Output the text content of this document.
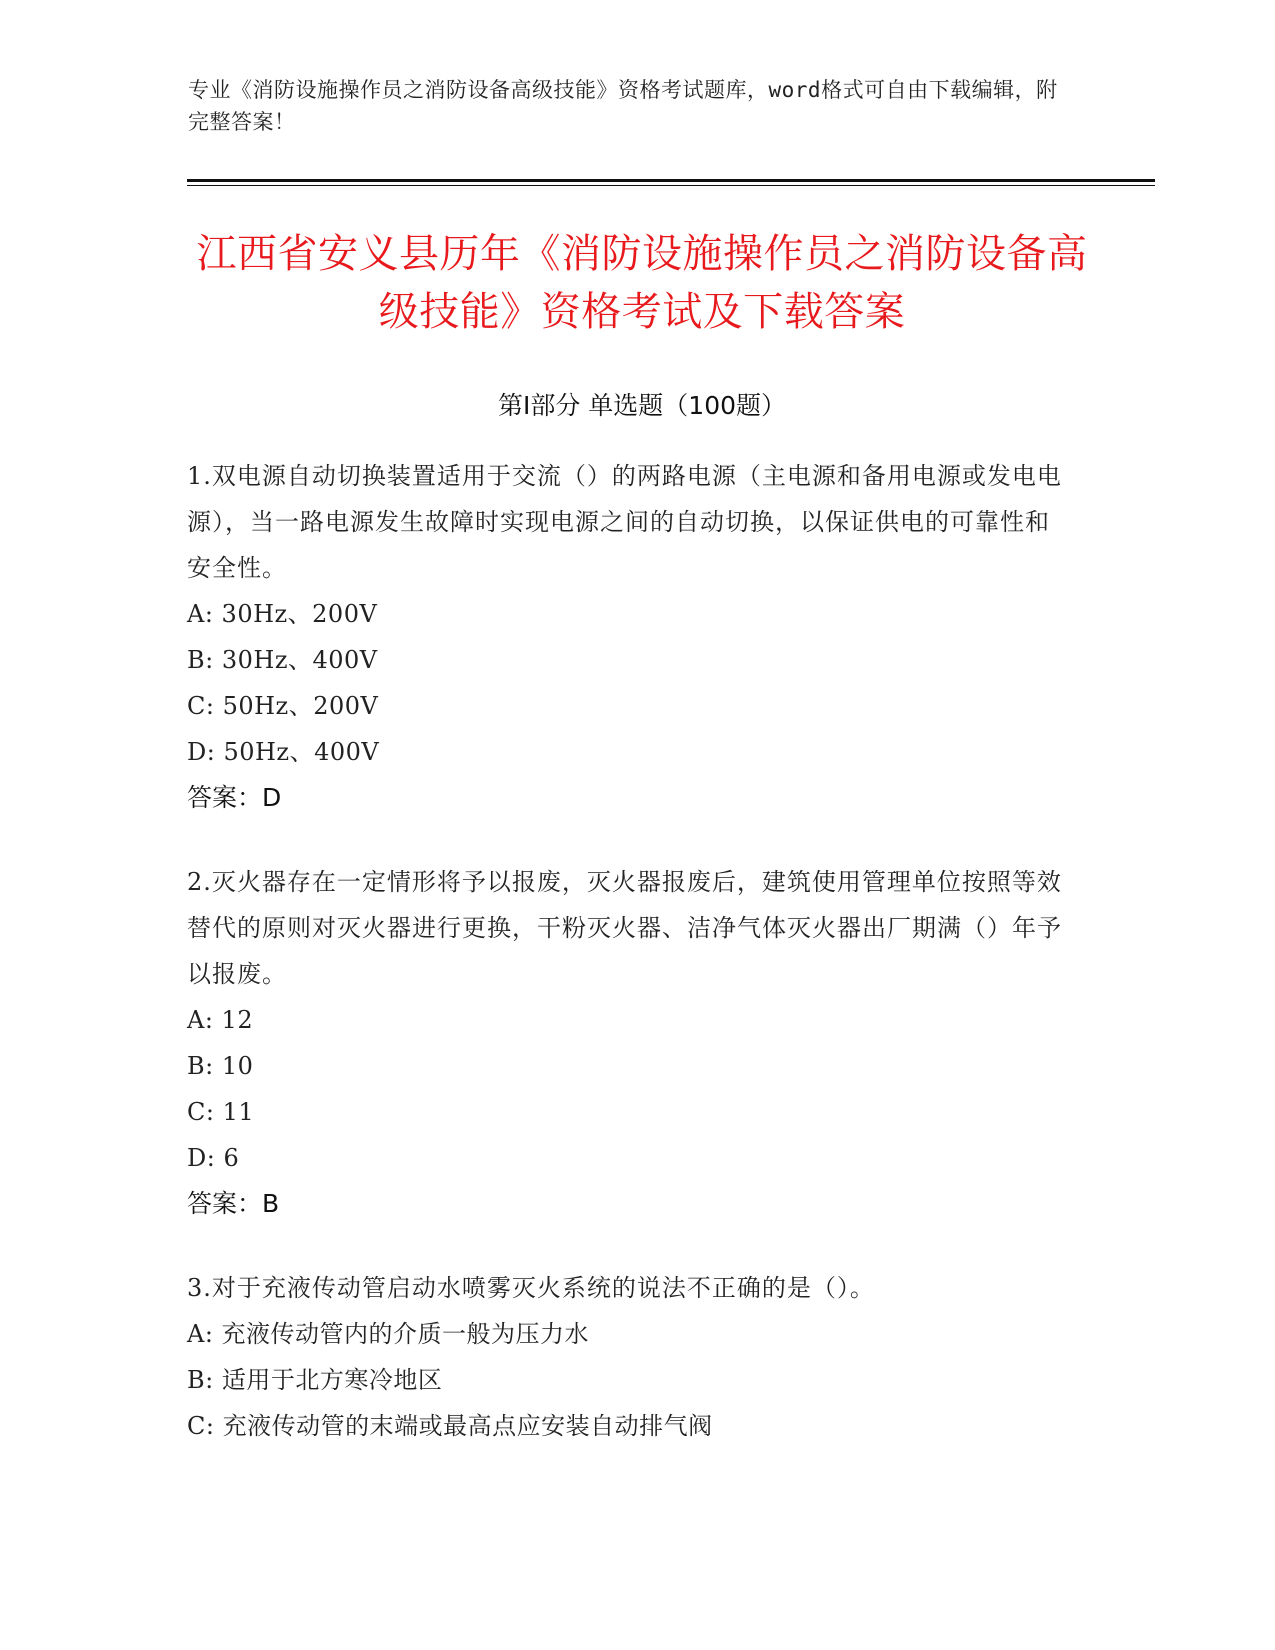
专业《消防设施操作员之消防设备高级技能》资格考试题库，word格式可自由下载编辑，附完整答案！
江西省安义县历年《消防设施操作员之消防设备高级技能》资格考试及下载答案
第Ⅰ部分 单选题（100题）

1.双电源自动切换装置适用于交流（）的两路电源（主电源和备用电源或发电电源），当一路电源发生故障时实现电源之间的自动切换，以保证供电的可靠性和安全性。

A: 30Hz、200V

B: 30Hz、400V

C: 50Hz、200V

D: 50Hz、400V

答案：D

2.灭火器存在一定情形将予以报废，灭火器报废后，建筑使用管理单位按照等效替代的原则对灭火器进行更换，干粉灭火器、洁净气体灭火器出厂期满（）年予以报废。

A: 12

B: 10

C: 11

D: 6

答案：B

3.对于充液传动管启动水喷雾灭火系统的说法不正确的是（）。

A: 充液传动管内的介质一般为压力水

B: 适用于北方寒冷地区

C: 充液传动管的末端或最高点应安装自动排气阀
